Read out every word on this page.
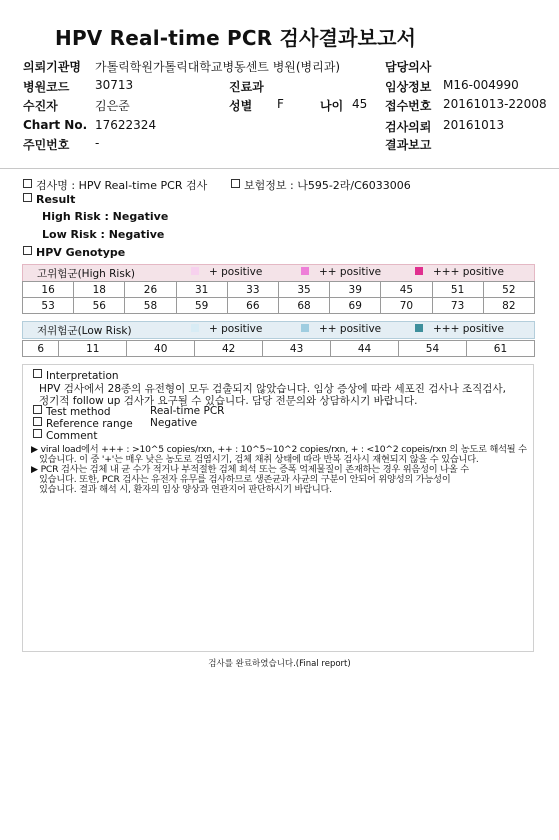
HPV Real-time PCR 검사결과보고서
의뢰기관명 가톨릭학원가톨릭대학교병동센트 병원(병리과)	담당의사
병원코드 30713	진료과	임상정보 M16-004990
수진자	김은준	성별 F	나이 45 접수번호 20161013-22008
Chart No. 17622324	검사의뢰 20161013
주민번호 -	결과보고
검사명 : HPV Real-time PCR 검사	보험정보 : 나595-2라/C6033006
Result
High Risk : Negative
Low Risk : Negative
HPV Genotype
고위험군(High Risk)	+ positive	++ positive	+++ positive
16	18	26	31	33	35	39	45	51	52
53	56	58	59	66	68	69	70	73	82
저위험군(Low Risk)	+ positive	++ positive	+++ positive
6	11	40	42	43	44	54	61
Interpretation
HPV 검사에서 28종의 유전형이 모두 검출되지 않았습니다. 임상 증상에 따라 세포진 검사나 조직검사,
정기적 follow up 검사가 요구될 수 있습니다. 담당 전문의와 상담하시기 바랍니다.
Test method	Real-time PCR
Reference range Negative
Comment
▶ viral load에서 +++ : >10^5 copies/rxn, ++ : 10^5~10^2 copies/rxn, + : <10^2 copeis/rxn 의 농도로 해석될 수
있습니다. 이 중 '+'는 매우 낮은 농도로 검염시기, 검체 채취 상태에 따라 반복 검사시 재현되지 않을 수 있습니다.
▶ PCR 검사는 검체 내 균 수가 적거나 부적절한 검체 희석 또는 증폭 억제물질이 존재하는 경우 위음성이 나올 수
있습니다. 또한, PCR 검사는 유전자 유무를 검사하므로 생존균과 사균의 구분이 안되어 위양성의 가능성이
있습니다. 결과 해석 시, 환자의 임상 양상과 연관지어 판단하시기 바랍니다.
검사를 완료하였습니다.(Final report)
